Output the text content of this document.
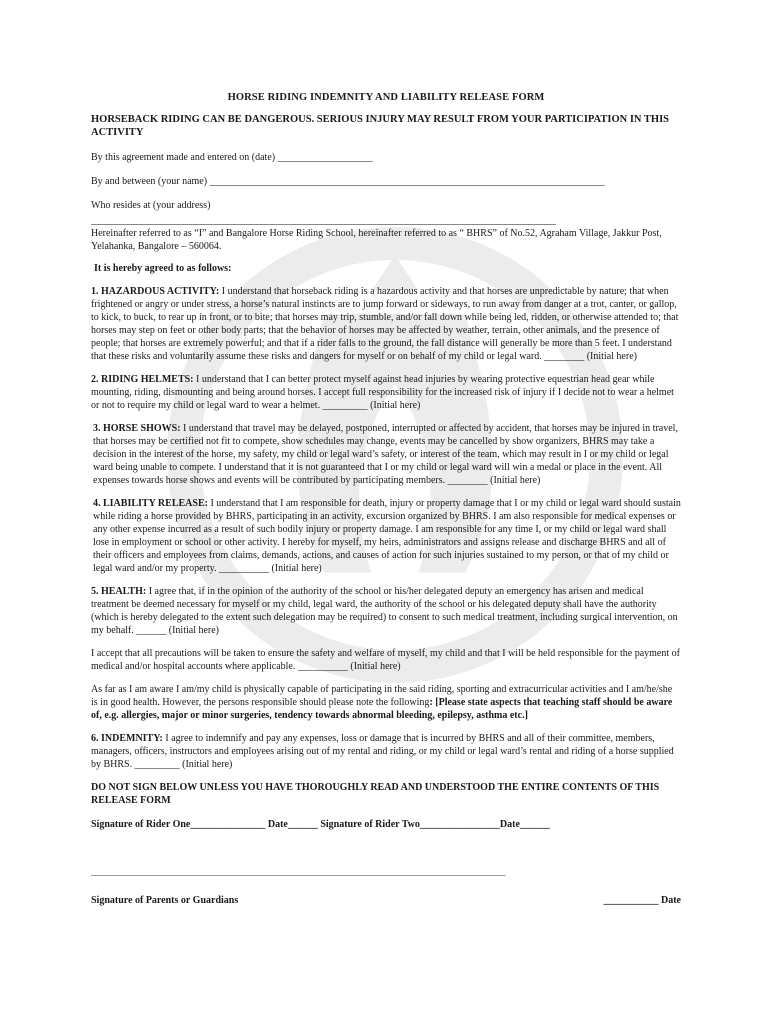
HORSE RIDING INDEMNITY AND LIABILITY RELEASE FORM
HORSEBACK RIDING CAN BE DANGEROUS. SERIOUS INJURY MAY RESULT FROM YOUR PARTICIPATION IN THIS ACTIVITY
By this agreement made and entered on (date) ___________________
By and between (your name) _______________________________________________________________________________
Who resides at (your address)
_____________________________________________________________________________________________
Hereinafter referred to as “I” and Bangalore Horse Riding School, hereinafter referred to as “ BHRS” of No.52, Agraham Village, Jakkur Post, Yelahanka, Bangalore – 560064.
It is hereby agreed to as follows:
1. HAZARDOUS ACTIVITY: I understand that horseback riding is a hazardous activity and that horses are unpredictable by nature; that when frightened or angry or under stress, a horse’s natural instincts are to jump forward or sideways, to run away from danger at a trot, canter, or gallop, to kick, to buck, to rear up in front, or to bite; that horses may trip, stumble, and/or fall down while being led, ridden, or otherwise attended to; that horses may step on feet or other body parts; that the behavior of horses may be affected by weather, terrain, other animals, and the presence of people; that horses are extremely powerful; and that if a rider falls to the ground, the fall distance will generally be more than 5 feet. I understand that these risks and voluntarily assume these risks and dangers for myself or on behalf of my child or legal ward. ________ (Initial here)
2. RIDING HELMETS: I understand that I can better protect myself against head injuries by wearing protective equestrian head gear while mounting, riding, dismounting and being around horses. I accept full responsibility for the increased risk of injury if I decide not to wear a helmet or not to require my child or legal ward to wear a helmet. _________ (Initial here)
3. HORSE SHOWS: I understand that travel may be delayed, postponed, interrupted or affected by accident, that horses may be injured in travel, that horses may be certified not fit to compete, show schedules may change, events may be cancelled by show organizers, BHRS may take a decision in the interest of the horse, my safety, my child or legal ward’s safety, or interest of the team, which may result in I or my child or legal ward being unable to compete. I understand that it is not guaranteed that I or my child or legal ward will win a medal or place in the event. All expenses towards horse shows and events will be contributed by participating members. ________ (Initial here)
4. LIABILITY RELEASE: I understand that I am responsible for death, injury or property damage that I or my child or legal ward should sustain while riding a horse provided by BHRS, participating in an activity, excursion organized by BHRS. I am also responsible for medical expenses or any other expense incurred as a result of such bodily injury or property damage. I am responsible for any time I, or my child or legal ward shall lose in employment or school or other activity. I hereby for myself, my heirs, administrators and assigns release and discharge BHRS and all of their officers and employees from claims, demands, actions, and causes of action for such injuries sustained to my person, or that of my child or legal ward and/or my property. __________ (Initial here)
5. HEALTH: I agree that, if in the opinion of the authority of the school or his/her delegated deputy an emergency has arisen and medical treatment be deemed necessary for myself or my child, legal ward, the authority of the school or his delegated deputy shall have the authority (which is hereby delegated to the extent such delegation may be required) to consent to such medical treatment, including surgical intervention, on my behalf. ______ (Initial here)
I accept that all precautions will be taken to ensure the safety and welfare of myself, my child and that I will be held responsible for the payment of medical and/or hospital accounts where applicable. __________ (Initial here)
As far as I am aware I am/my child is physically capable of participating in the said riding, sporting and extracurricular activities and I am/he/she is in good health. However, the persons responsible should please note the following: [Please state aspects that teaching staff should be aware of, e.g. allergies, major or minor surgeries, tendency towards abnormal bleeding, epilepsy, asthma etc.]
6. INDEMNITY: I agree to indemnify and pay any expenses, loss or damage that is incurred by BHRS and all of their committee, members, managers, officers, instructors and employees arising out of my rental and riding, or my child or legal ward’s rental and riding of a horse supplied by BHRS. _________ (Initial here)
DO NOT SIGN BELOW UNLESS YOU HAVE THOROUGHLY READ AND UNDERSTOOD THE ENTIRE CONTENTS OF THIS RELEASE FORM
Signature of Rider One_______________ Date______ Signature of Rider Two________________Date______
____________________________________________________________________________________________
Signature of Parents or Guardians	___________ Date
